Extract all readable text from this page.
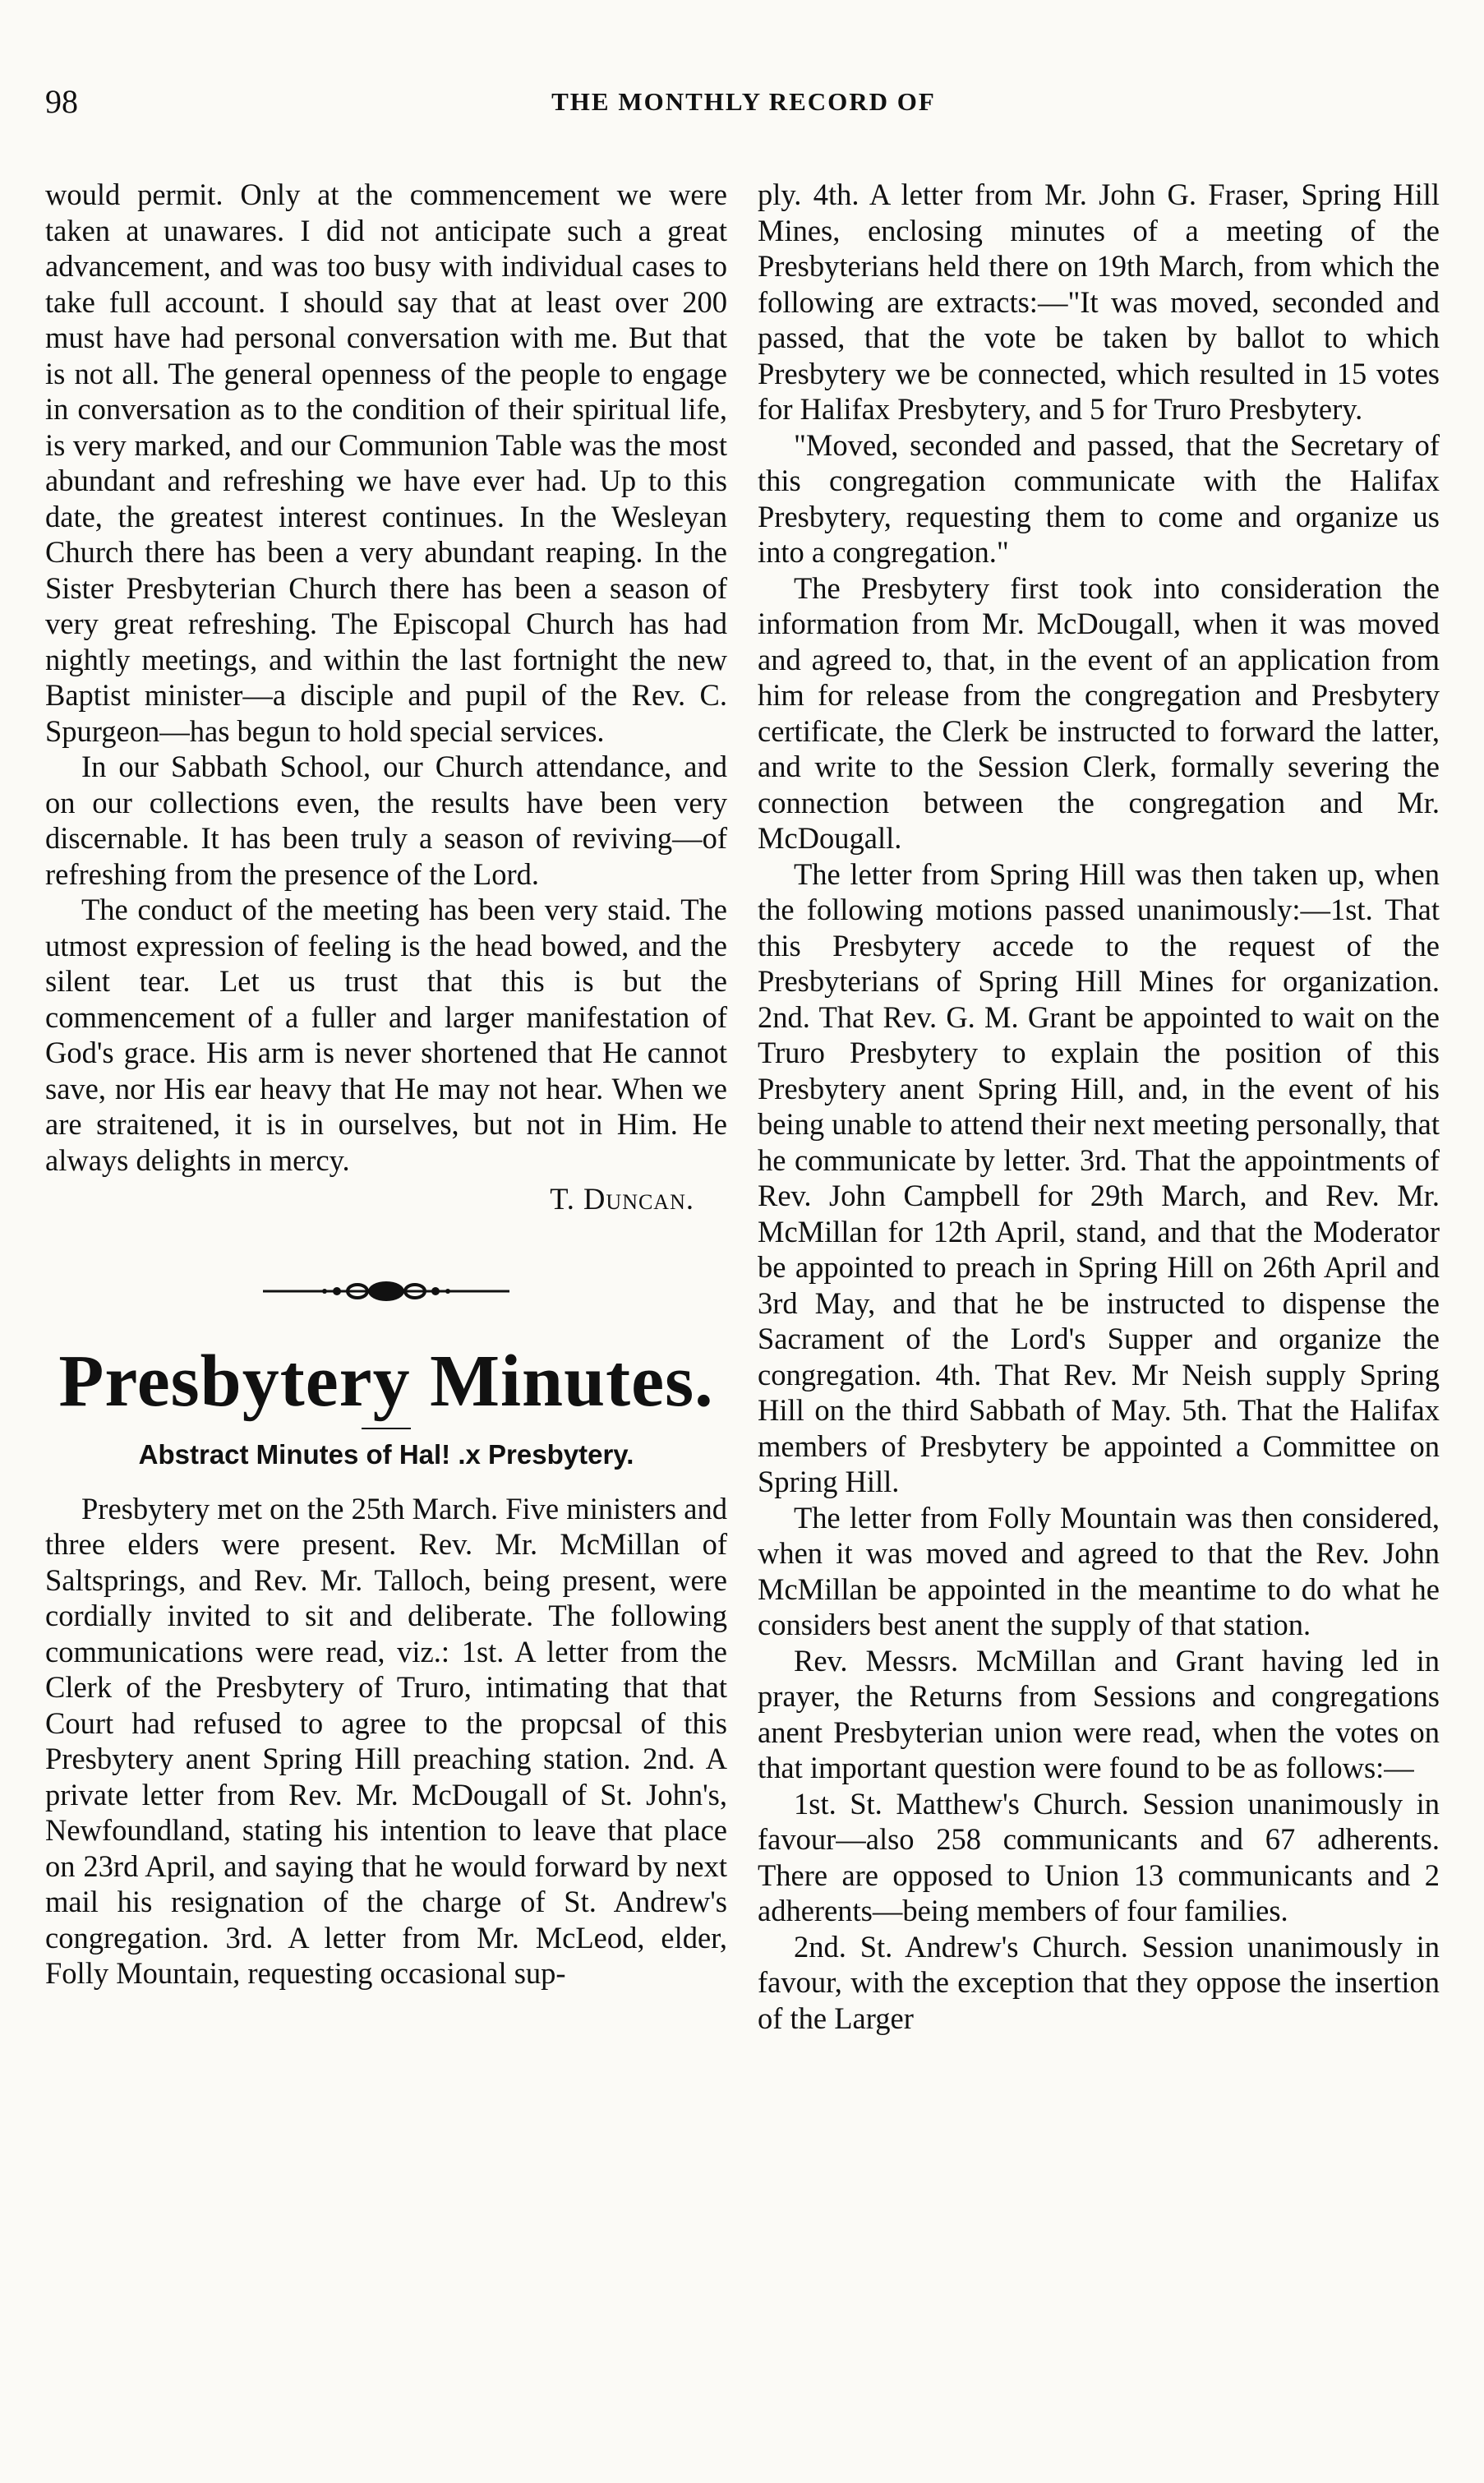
98	THE MONTHLY RECORD OF

would permit. Only at the commencement we were taken at unawares. I did not anticipate such a great advancement, and was too busy with individual cases to take full account. I should say that at least over 200 must have had personal conversation with me. But that is not all. The general openness of the people to engage in conversation as to the condition of their spiritual life, is very marked, and our Communion Table was the most abundant and refreshing we have ever had. Up to this date, the greatest interest continues. In the Wesleyan Church there has been a very abundant reaping. In the Sister Presbyterian Church there has been a season of very great refreshing. The Episcopal Church has had nightly meetings, and within the last fortnight the new Baptist minister—a disciple and pupil of the Rev. C. Spurgeon—has begun to hold special services.

In our Sabbath School, our Church attendance, and on our collections even, the results have been very discernable. It has been truly a season of reviving—of refreshing from the presence of the Lord.

The conduct of the meeting has been very staid. The utmost expression of feeling is the head bowed, and the silent tear. Let us trust that this is but the commencement of a fuller and larger manifestation of God's grace. His arm is never shortened that He cannot save, nor His ear heavy that He may not hear. When we are straitened, it is in ourselves, but not in Him. He always delights in mercy.

T. Duncan.

Presbytery Minutes.
Abstract Minutes of Hal! .x Presbytery.

Presbytery met on the 25th March. Five ministers and three elders were present. Rev. Mr. McMillan of Saltsprings, and Rev. Mr. Talloch, being present, were cordially invited to sit and deliberate. The following communications were read, viz.: 1st. A letter from the Clerk of the Presbytery of Truro, intimating that that Court had refused to agree to the propcsal of this Presbytery anent Spring Hill preaching station. 2nd. A private letter from Rev. Mr. McDougall of St. John's, Newfoundland, stating his intention to leave that place on 23rd April, and saying that he would forward by next mail his resignation of the charge of St. Andrew's congregation. 3rd. A letter from Mr. McLeod, elder, Folly Mountain, requesting occasional sup-

ply. 4th. A letter from Mr. John G. Fraser, Spring Hill Mines, enclosing minutes of a meeting of the Presbyterians held there on 19th March, from which the following are extracts:—"It was moved, seconded and passed, that the vote be taken by ballot to which Presbytery we be connected, which resulted in 15 votes for Halifax Presbytery, and 5 for Truro Presbytery.

"Moved, seconded and passed, that the Secretary of this congregation communicate with the Halifax Presbytery, requesting them to come and organize us into a congregation."

The Presbytery first took into consideration the information from Mr. McDougall, when it was moved and agreed to, that, in the event of an application from him for release from the congregation and Presbytery certificate, the Clerk be instructed to forward the latter, and write to the Session Clerk, formally severing the connection between the congregation and Mr. McDougall.

The letter from Spring Hill was then taken up, when the following motions passed unanimously:—1st. That this Presbytery accede to the request of the Presbyterians of Spring Hill Mines for organization. 2nd. That Rev. G. M. Grant be appointed to wait on the Truro Presbytery to explain the position of this Presbytery anent Spring Hill, and, in the event of his being unable to attend their next meeting personally, that he communicate by letter. 3rd. That the appointments of Rev. John Campbell for 29th March, and Rev. Mr. McMillan for 12th April, stand, and that the Moderator be appointed to preach in Spring Hill on 26th April and 3rd May, and that he be instructed to dispense the Sacrament of the Lord's Supper and organize the congregation. 4th. That Rev. Mr Neish supply Spring Hill on the third Sabbath of May. 5th. That the Halifax members of Presbytery be appointed a Committee on Spring Hill.

The letter from Folly Mountain was then considered, when it was moved and agreed to that the Rev. John McMillan be appointed in the meantime to do what he considers best anent the supply of that station.

Rev. Messrs. McMillan and Grant having led in prayer, the Returns from Sessions and congregations anent Presbyterian union were read, when the votes on that important question were found to be as follows:—

1st. St. Matthew's Church. Session unanimously in favour—also 258 communicants and 67 adherents. There are opposed to Union 13 communicants and 2 adherents—being members of four families.

2nd. St. Andrew's Church. Session unanimously in favour, with the exception that they oppose the insertion of the Larger
